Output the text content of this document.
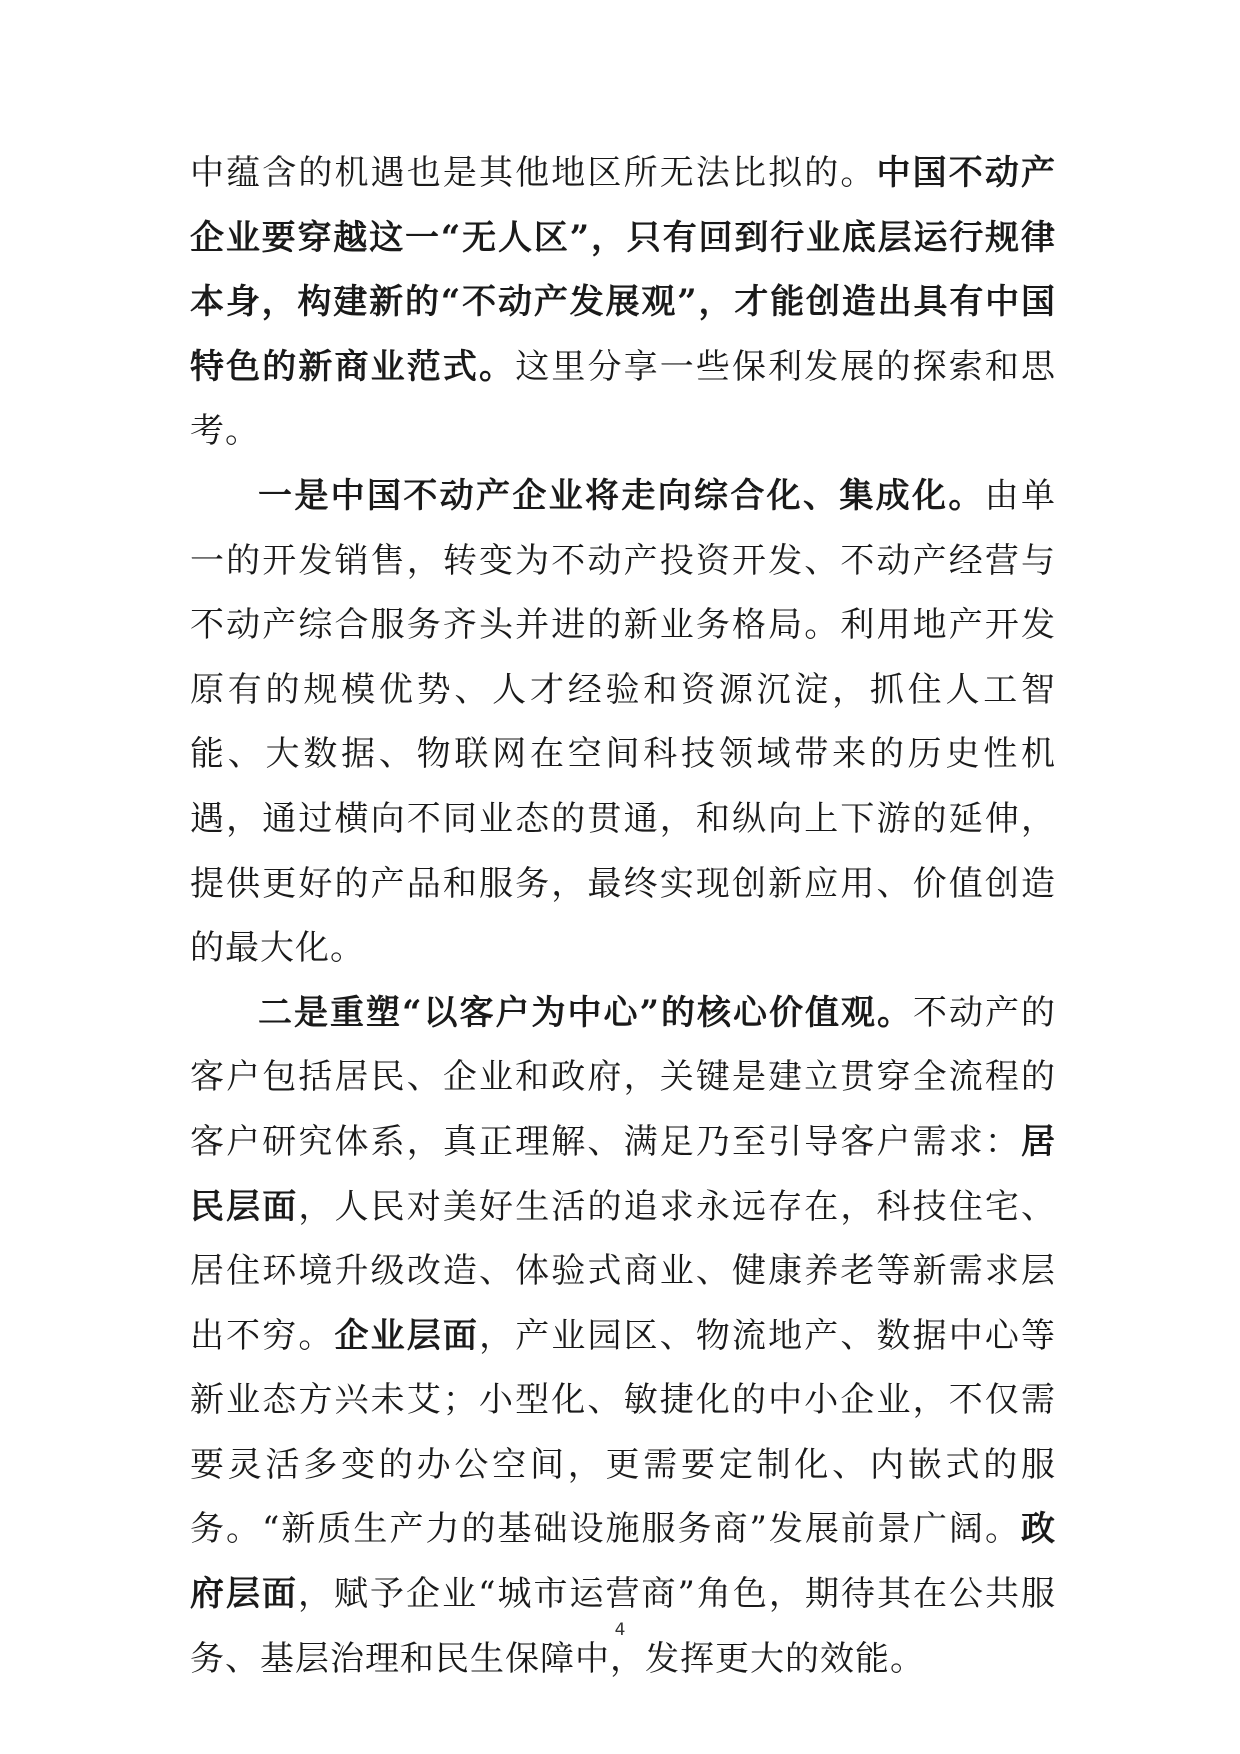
中蕴含的机遇也是其他地区所无法比拟的。中国不动产企业要穿越这一“无人区”，只有回到行业底层运行规律本身，构建新的“不动产发展观”，才能创造出具有中国特色的新商业范式。这里分享一些保利发展的探索和思考。

一是中国不动产企业将走向综合化、集成化。由单一的开发销售，转变为不动产投资开发、不动产经营与不动产综合服务齐头并进的新业务格局。利用地产开发原有的规模优势、人才经验和资源沉淀，抓住人工智能、大数据、物联网在空间科技领域带来的历史性机遇，通过横向不同业态的贯通，和纵向上下游的延伸，提供更好的产品和服务，最终实现创新应用、价值创造的最大化。

二是重塑“以客户为中心”的核心价值观。不动产的客户包括居民、企业和政府，关键是建立贯穿全流程的客户研究体系，真正理解、满足乃至引导客户需求：居民层面，人民对美好生活的追求永远存在，科技住宅、居住环境升级改造、体验式商业、健康养老等新需求层出不穷。企业层面，产业园区、物流地产、数据中心等新业态方兴未艾；小型化、敏捷化的中小企业，不仅需要灵活多变的办公空间，更需要定制化、内嵌式的服务。“新质生产力的基础设施服务商”发展前景广阔。政府层面，赋予企业“城市运营商”角色，期待其在公共服务、基层治理和民生保障中，发挥更大的效能。

4
